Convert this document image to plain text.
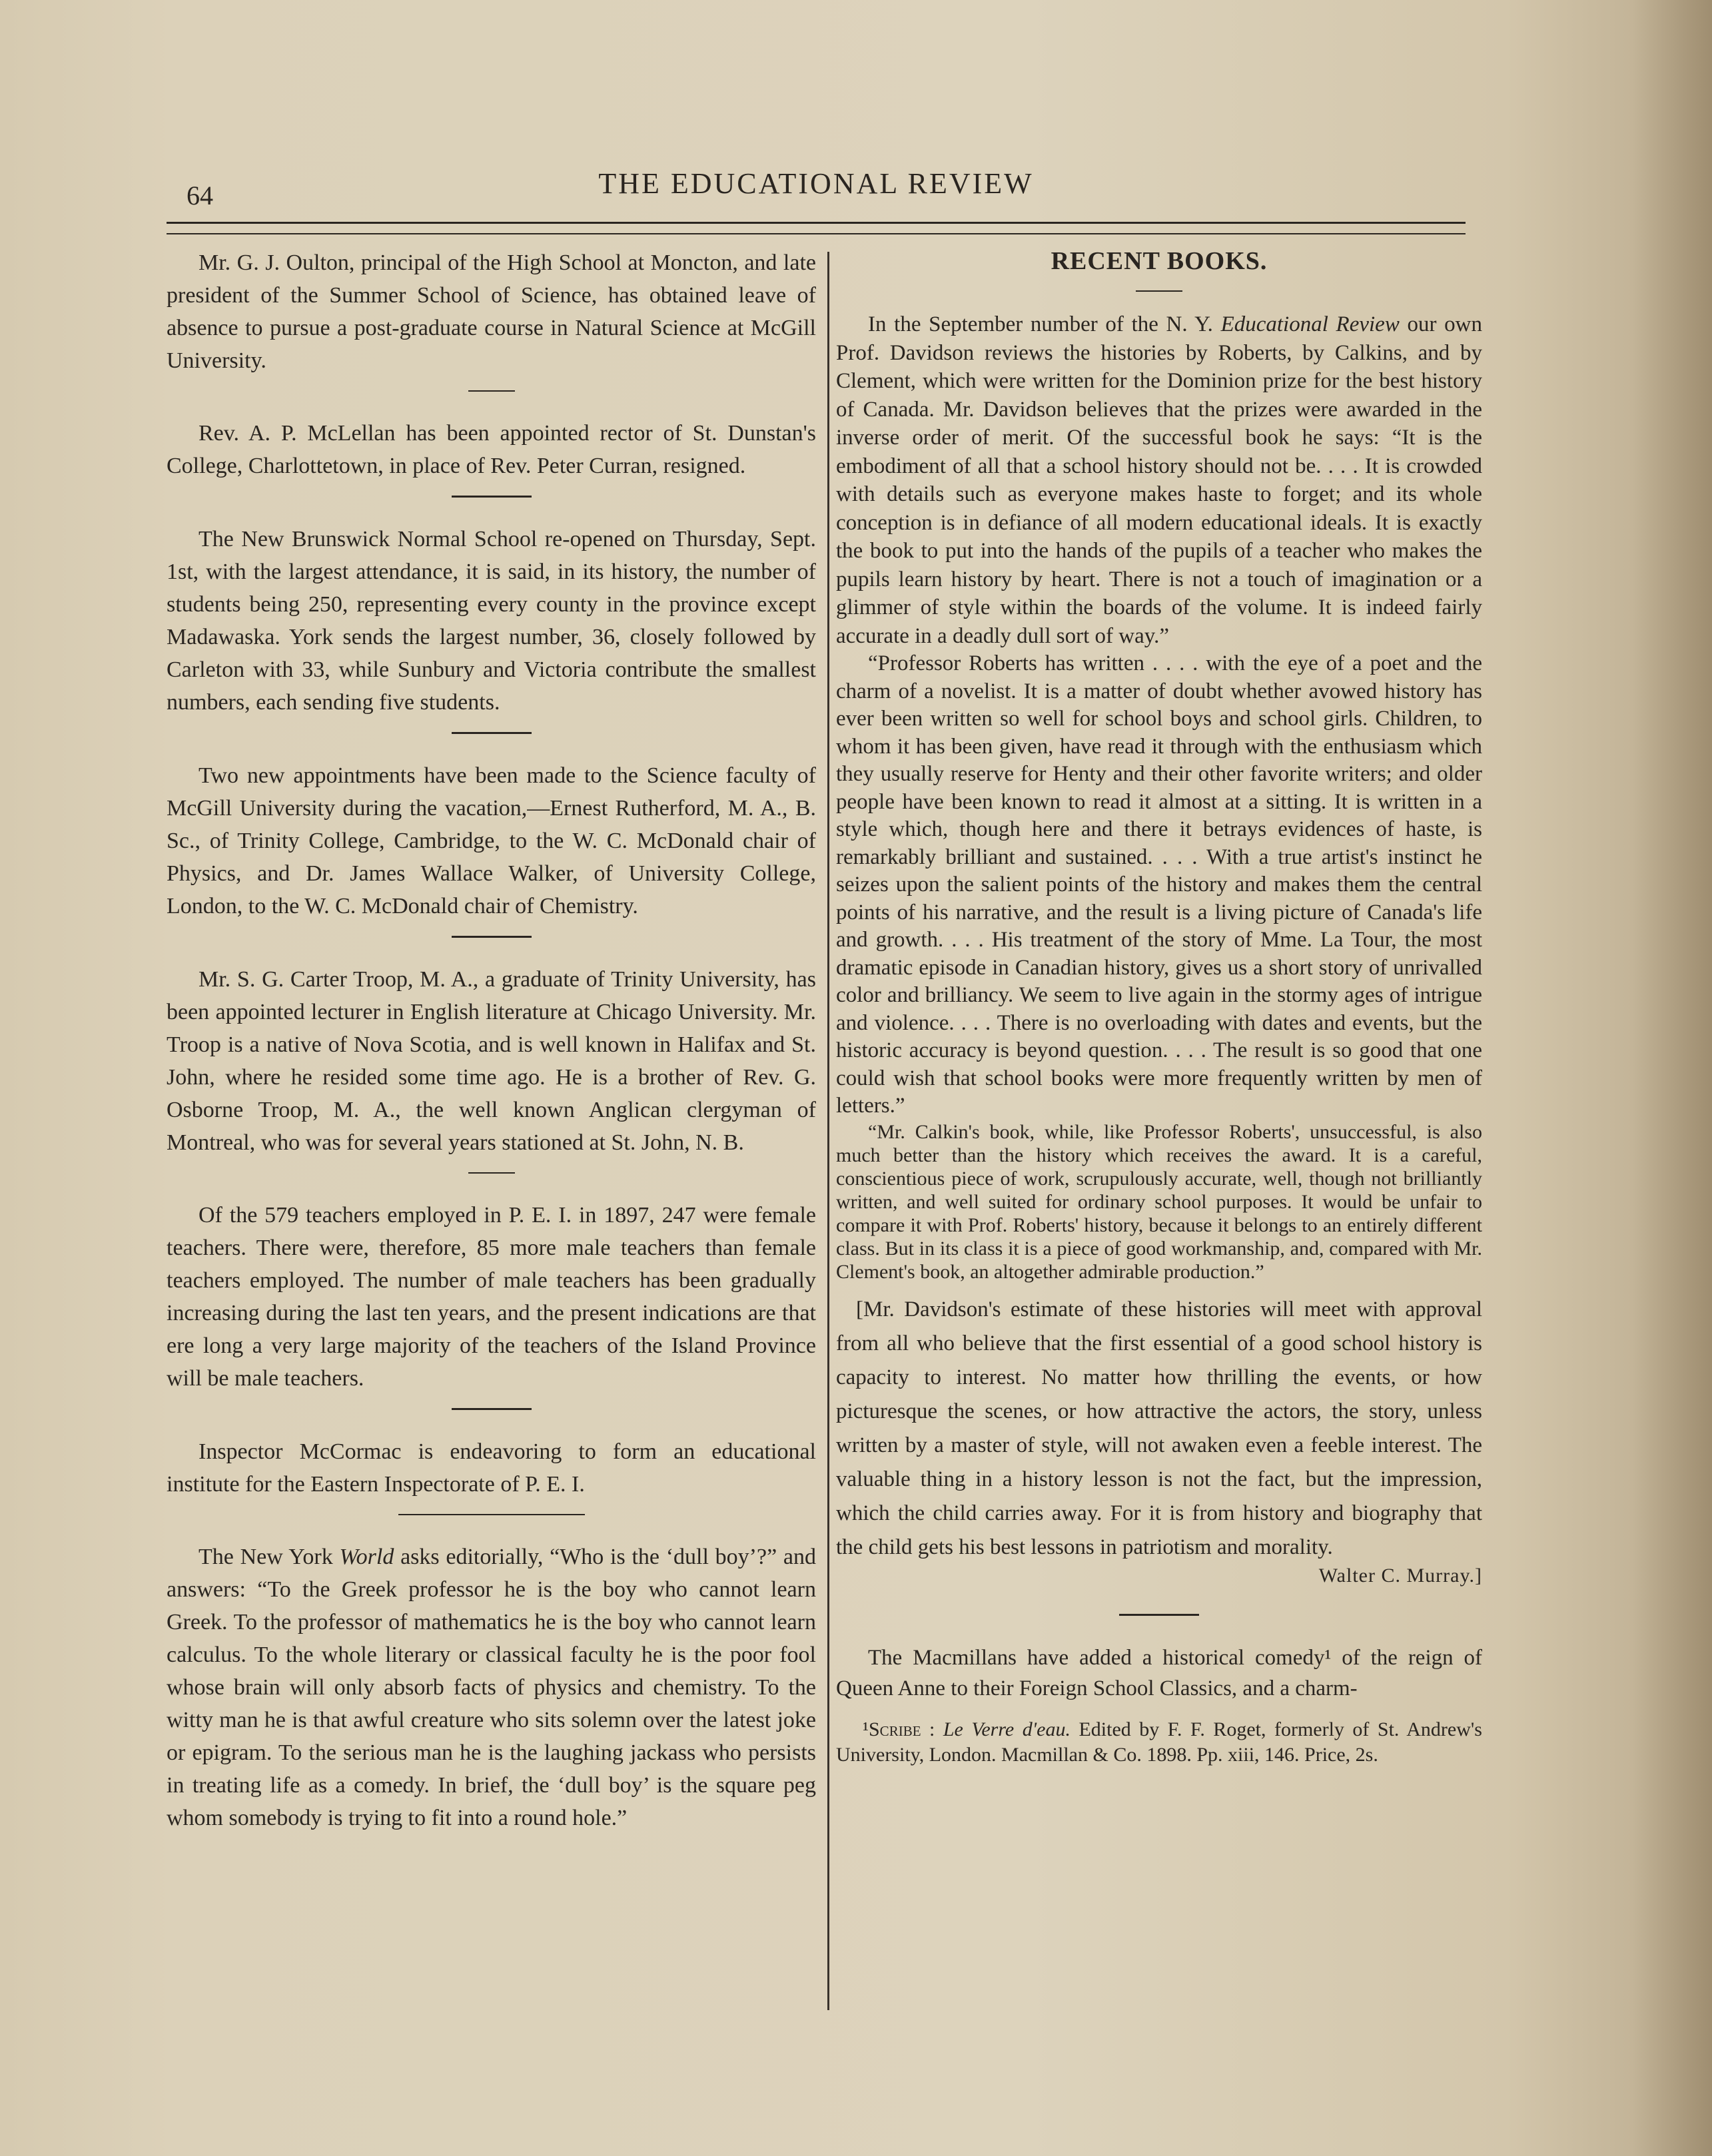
64	THE EDUCATIONAL REVIEW

Mr. G. J. Oulton, principal of the High School at Moncton, and late president of the Summer School of Science, has obtained leave of absence to pursue a post-graduate course in Natural Science at McGill University.

Rev. A. P. McLellan has been appointed rector of St. Dunstan's College, Charlottetown, in place of Rev. Peter Curran, resigned.

The New Brunswick Normal School re-opened on Thursday, Sept. 1st, with the largest attendance, it is said, in its history, the number of students being 250, representing every county in the province except Madawaska. York sends the largest number, 36, closely followed by Carleton with 33, while Sunbury and Victoria contribute the smallest numbers, each sending five students.

Two new appointments have been made to the Science faculty of McGill University during the vacation,—Ernest Rutherford, M. A., B. Sc., of Trinity College, Cambridge, to the W. C. McDonald chair of Physics, and Dr. James Wallace Walker, of University College, London, to the W. C. McDonald chair of Chemistry.

Mr. S. G. Carter Troop, M. A., a graduate of Trinity University, has been appointed lecturer in English literature at Chicago University. Mr. Troop is a native of Nova Scotia, and is well known in Halifax and St. John, where he resided some time ago. He is a brother of Rev. G. Osborne Troop, M. A., the well known Anglican clergyman of Montreal, who was for several years stationed at St. John, N. B.

Of the 579 teachers employed in P. E. I. in 1897, 247 were female teachers. There were, therefore, 85 more male teachers than female teachers employed. The number of male teachers has been gradually increasing during the last ten years, and the present indications are that ere long a very large majority of the teachers of the Island Province will be male teachers.

Inspector McCormac is endeavoring to form an educational institute for the Eastern Inspectorate of P. E. I.

The New York World asks editorially, “Who is the ‘dull boy’?” and answers: “To the Greek professor he is the boy who cannot learn Greek. To the professor of mathematics he is the boy who cannot learn calculus. To the whole literary or classical faculty he is the poor fool whose brain will only absorb facts of physics and chemistry. To the witty man he is that awful creature who sits solemn over the latest joke or epigram. To the serious man he is the laughing jackass who persists in treating life as a comedy. In brief, the ‘dull boy’ is the square peg whom somebody is trying to fit into a round hole.”

RECENT BOOKS.

In the September number of the N. Y. Educational Review our own Prof. Davidson reviews the histories by Roberts, by Calkins, and by Clement, which were written for the Dominion prize for the best history of Canada. Mr. Davidson believes that the prizes were awarded in the inverse order of merit. Of the successful book he says: “It is the embodiment of all that a school history should not be. . . . It is crowded with details such as everyone makes haste to forget; and its whole conception is in defiance of all modern educational ideals. It is exactly the book to put into the hands of the pupils of a teacher who makes the pupils learn history by heart. There is not a touch of imagination or a glimmer of style within the boards of the volume. It is indeed fairly accurate in a deadly dull sort of way.”

“Professor Roberts has written . . . . with the eye of a poet and the charm of a novelist. It is a matter of doubt whether avowed history has ever been written so well for school boys and school girls. Children, to whom it has been given, have read it through with the enthusiasm which they usually reserve for Henty and their other favorite writers; and older people have been known to read it almost at a sitting. It is written in a style which, though here and there it betrays evidences of haste, is remarkably brilliant and sustained. . . . With a true artist's instinct he seizes upon the salient points of the history and makes them the central points of his narrative, and the result is a living picture of Canada's life and growth. . . . His treatment of the story of Mme. La Tour, the most dramatic episode in Canadian history, gives us a short story of unrivalled color and brilliancy. We seem to live again in the stormy ages of intrigue and violence. . . . There is no overloading with dates and events, but the historic accuracy is beyond question. . . . The result is so good that one could wish that school books were more frequently written by men of letters.”

“Mr. Calkin's book, while, like Professor Roberts', unsuccessful, is also much better than the history which receives the award. It is a careful, conscientious piece of work, scrupulously accurate, well, though not brilliantly written, and well suited for ordinary school purposes. It would be unfair to compare it with Prof. Roberts' history, because it belongs to an entirely different class. But in its class it is a piece of good workmanship, and, compared with Mr. Clement's book, an altogether admirable production.”

[Mr. Davidson's estimate of these histories will meet with approval from all who believe that the first essential of a good school history is capacity to interest. No matter how thrilling the events, or how picturesque the scenes, or how attractive the actors, the story, unless written by a master of style, will not awaken even a feeble interest. The valuable thing in a history lesson is not the fact, but the impression, which the child carries away. For it is from history and biography that the child gets his best lessons in patriotism and morality.

Walter C. Murray.]

The Macmillans have added a historical comedy¹ of the reign of Queen Anne to their Foreign School Classics, and a charm-

¹Scribe : Le Verre d'eau. Edited by F. F. Roget, formerly of St. Andrew's University, London. Macmillan & Co. 1898. Pp. xiii, 146. Price, 2s.
